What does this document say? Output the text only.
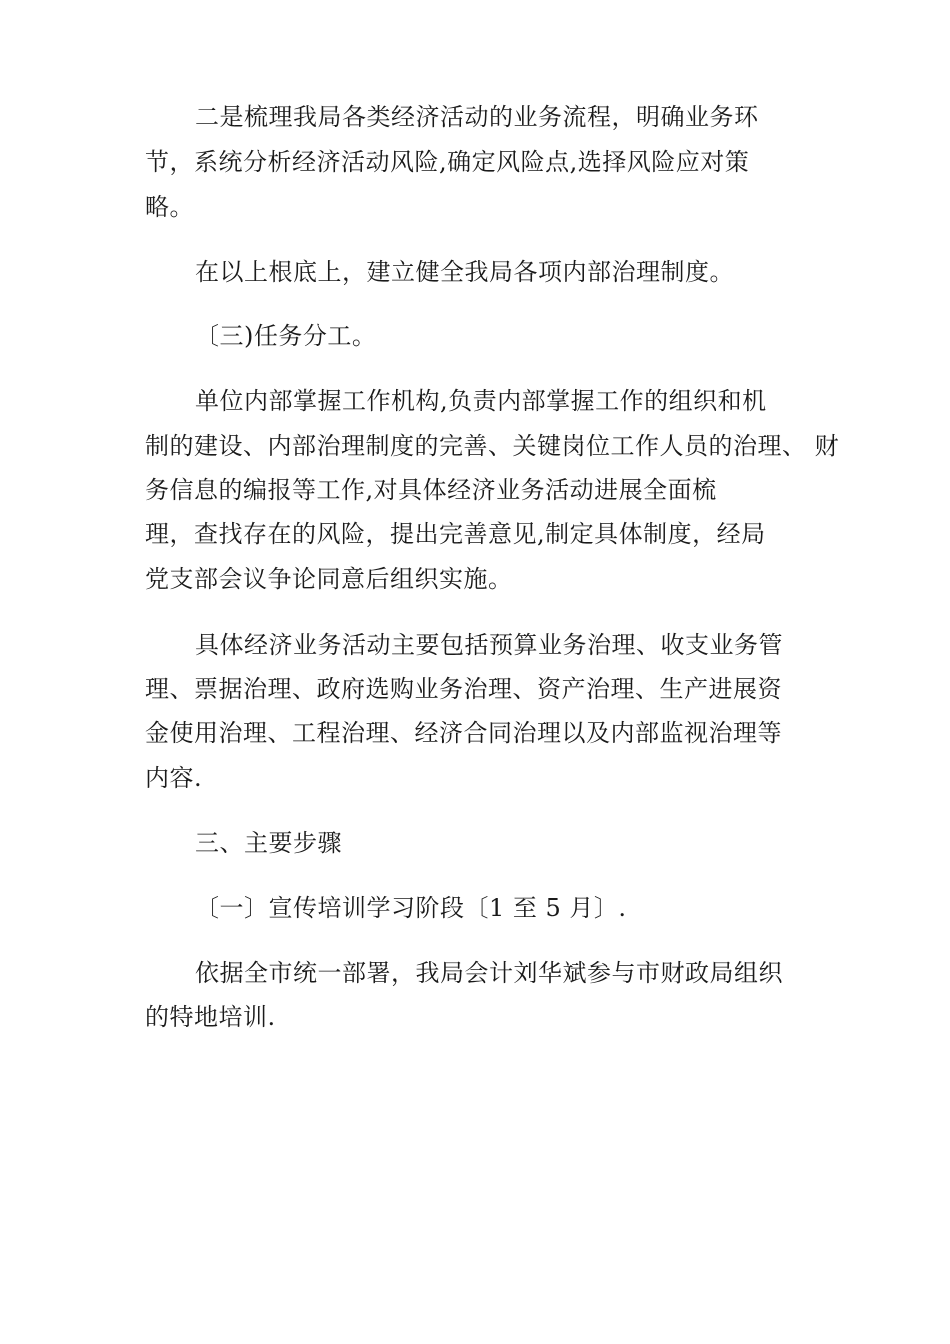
二是梳理我局各类经济活动的业务流程，明确业务环
节，系统分析经济活动风险,确定风险点,选择风险应对策
略。
在以上根底上，建立健全我局各项内部治理制度。
〔三)任务分工。
单位内部掌握工作机构,负责内部掌握工作的组织和机
制的建设、内部治理制度的完善、关键岗位工作人员的治理、 财
务信息的编报等工作,对具体经济业务活动进展全面梳
理，查找存在的风险，提出完善意见,制定具体制度，经局
党支部会议争论同意后组织实施。
具体经济业务活动主要包括预算业务治理、收支业务管
理、票据治理、政府选购业务治理、资产治理、生产进展资
金使用治理、工程治理、经济合同治理以及内部监视治理等
内容.
三、主要步骤
〔一〕宣传培训学习阶段〔1 至 5 月〕.
依据全市统一部署，我局会计刘华斌参与市财政局组织
的特地培训.
